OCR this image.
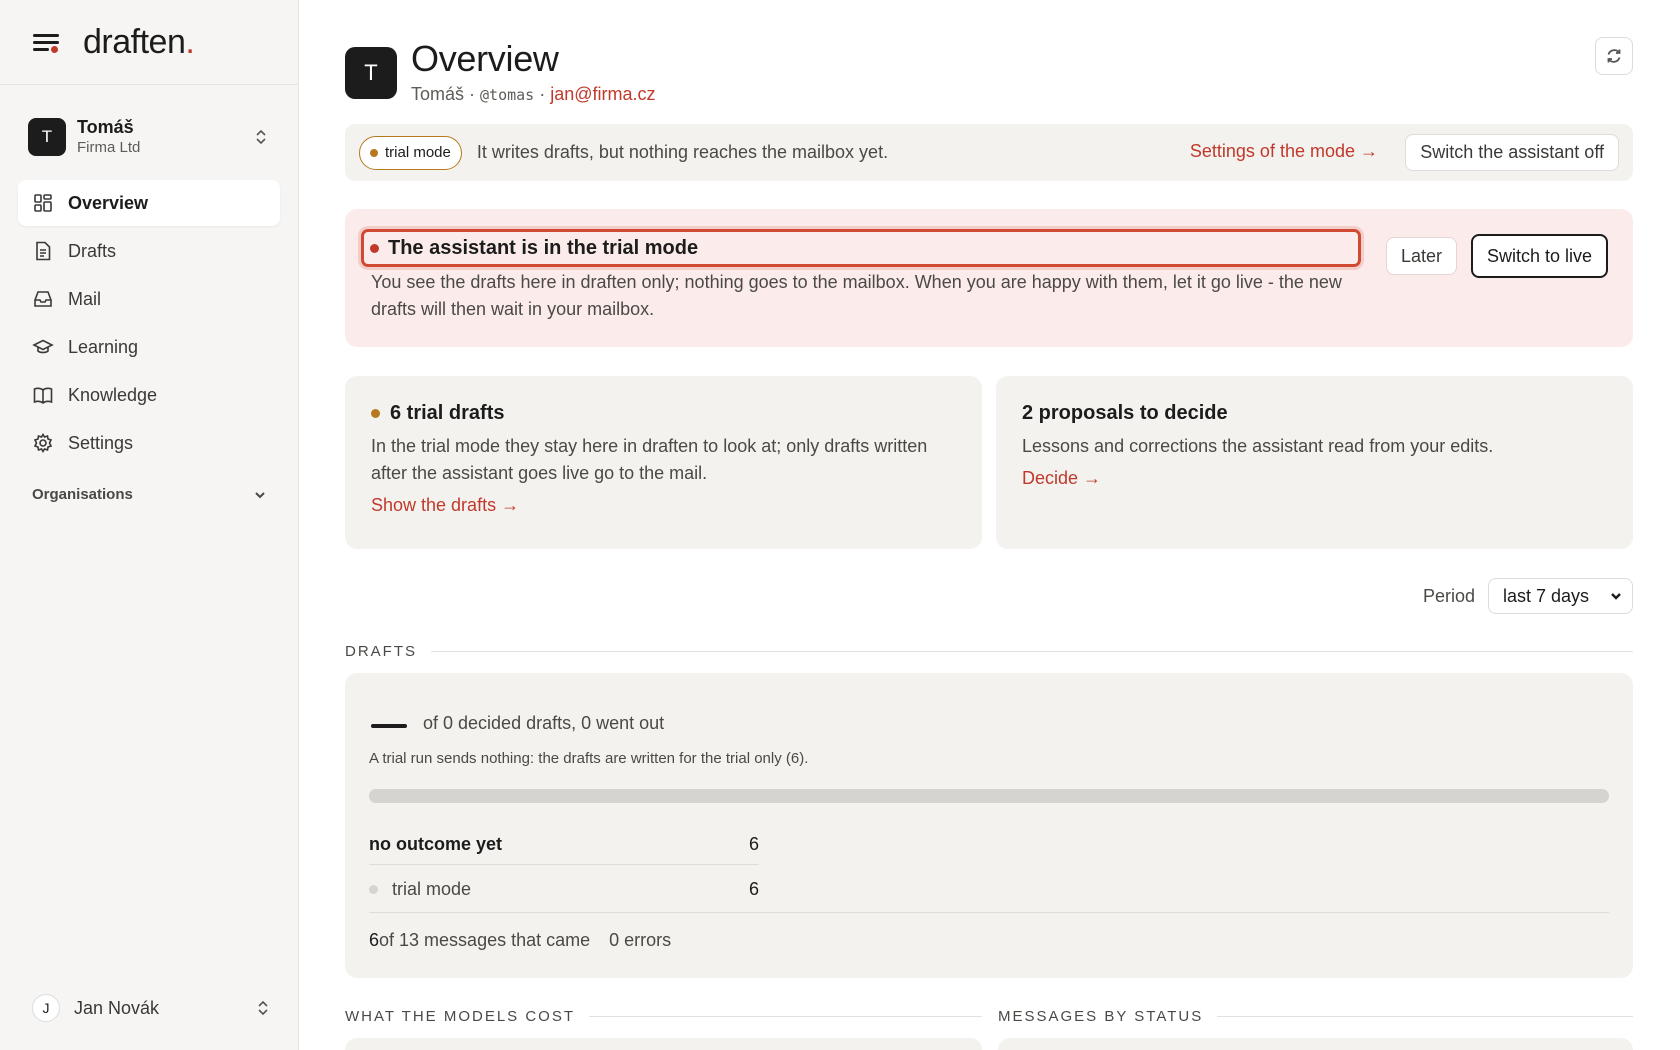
draften.
T	Tomáš
Firma Ltd
Overview
Drafts
Mail
Learning
Knowledge
Settings
Organisations
J	Jan Novák
T Overview
Tomáš · @tomas · jan@firma.cz
trial mode It writes drafts, but nothing reaches the mailbox yet.	Settings of the mode →	Switch the assistant off
The assistant is in the trial mode

You see the drafts here in draften only; nothing goes to the mailbox. When you are happy with them, let it go live - the new drafts will then wait in your mailbox.

Later	Switch to live
6 trial drafts

In the trial mode they stay here in draften to look at; only drafts written after the assistant goes live go to the mail.

Show the drafts →
2 proposals to decide

Lessons and corrections the assistant read from your edits.

Decide →
Period last 7 days
DRAFTS
of 0 decided drafts, 0 went out
A trial run sends nothing: the drafts are written for the trial only (6).
no outcome yet	6
trial mode	6
6 of 13 messages that came 0 errors
WHAT THE MODELS COST	MESSAGES BY STATUS
